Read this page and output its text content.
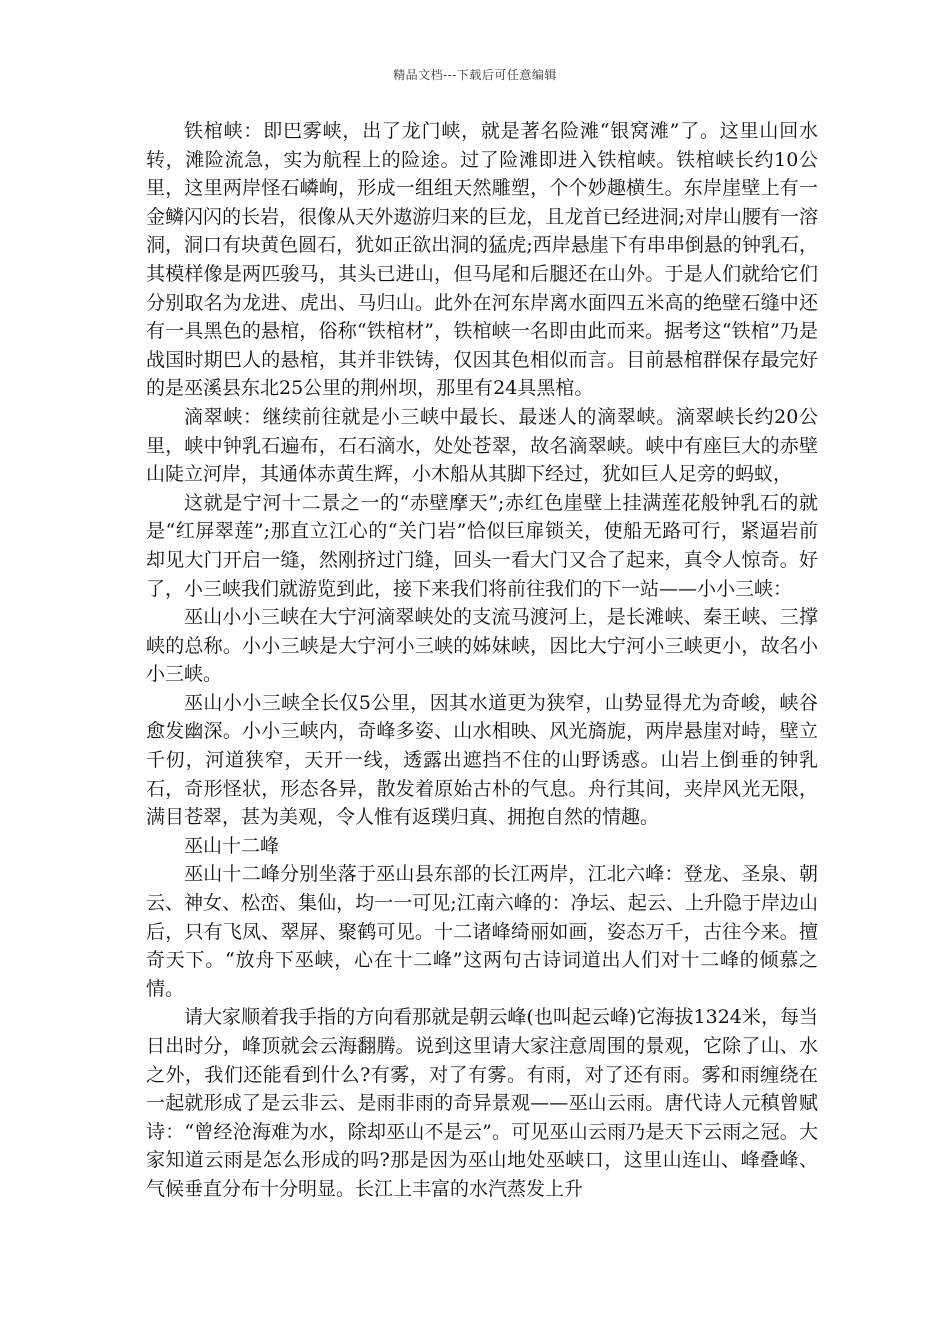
精品文档---下载后可任意编辑

铁棺峡：即巴雾峡，出了龙门峡，就是著名险滩“银窝滩”了。这里山回水转，滩险流急，实为航程上的险途。过了险滩即进入铁棺峡。铁棺峡长约10公里，这里两岸怪石嶙峋，形成一组组天然雕塑，个个妙趣横生。东岸崖壁上有一金鳞闪闪的长岩，很像从天外遨游归来的巨龙，且龙首已经进洞;对岸山腰有一溶洞，洞口有块黄色圆石，犹如正欲出洞的猛虎;西岸悬崖下有串串倒悬的钟乳石，其模样像是两匹骏马，其头已进山，但马尾和后腿还在山外。于是人们就给它们分别取名为龙进、虎出、马归山。此外在河东岸离水面四五米高的绝壁石缝中还有一具黑色的悬棺，俗称“铁棺材”，铁棺峡一名即由此而来。据考这“铁棺”乃是战国时期巴人的悬棺，其并非铁铸，仅因其色相似而言。目前悬棺群保存最完好的是巫溪县东北25公里的荆州坝，那里有24具黑棺。

滴翠峡：继续前往就是小三峡中最长、最迷人的滴翠峡。滴翠峡长约20公里，峡中钟乳石遍布，石石滴水，处处苍翠，故名滴翠峡。峡中有座巨大的赤壁山陡立河岸，其通体赤黄生辉，小木船从其脚下经过，犹如巨人足旁的蚂蚁，

这就是宁河十二景之一的“赤壁摩天”;赤红色崖壁上挂满莲花般钟乳石的就是“红屏翠莲”;那直立江心的“关门岩”恰似巨扉锁关，使船无路可行，紧逼岩前却见大门开启一缝，然刚挤过门缝，回头一看大门又合了起来，真令人惊奇。好了，小三峡我们就游览到此，接下来我们将前往我们的下一站——小小三峡：

巫山小小三峡在大宁河滴翠峡处的支流马渡河上，是长滩峡、秦王峡、三撑峡的总称。小小三峡是大宁河小三峡的姊妹峡，因比大宁河小三峡更小，故名小小三峡。

巫山小小三峡全长仅5公里，因其水道更为狭窄，山势显得尤为奇峻，峡谷愈发幽深。小小三峡内，奇峰多姿、山水相映、风光旖旎，两岸悬崖对峙，壁立千仞，河道狭窄，天开一线，透露出遮挡不住的山野诱惑。山岩上倒垂的钟乳石，奇形怪状，形态各异，散发着原始古朴的气息。舟行其间，夹岸风光无限，满目苍翠，甚为美观，令人惟有返璞归真、拥抱自然的情趣。

巫山十二峰

巫山十二峰分别坐落于巫山县东部的长江两岸，江北六峰：登龙、圣泉、朝云、神女、松峦、集仙，均一一可见;江南六峰的：净坛、起云、上升隐于岸边山后，只有飞凤、翠屏、聚鹤可见。十二诸峰绮丽如画，姿态万千，古往今来。擅奇天下。“放舟下巫峡，心在十二峰”这两句古诗词道出人们对十二峰的倾慕之情。

请大家顺着我手指的方向看那就是朝云峰(也叫起云峰)它海拔1324米，每当日出时分，峰顶就会云海翻腾。说到这里请大家注意周围的景观，它除了山、水之外，我们还能看到什么?有雾，对了有雾。有雨，对了还有雨。雾和雨缠绕在一起就形成了是云非云、是雨非雨的奇异景观——巫山云雨。唐代诗人元稹曾赋诗：“曾经沧海难为水，除却巫山不是云”。可见巫山云雨乃是天下云雨之冠。大家知道云雨是怎么形成的吗?那是因为巫山地处巫峡口，这里山连山、峰叠峰、气候垂直分布十分明显。长江上丰富的水汽蒸发上升
